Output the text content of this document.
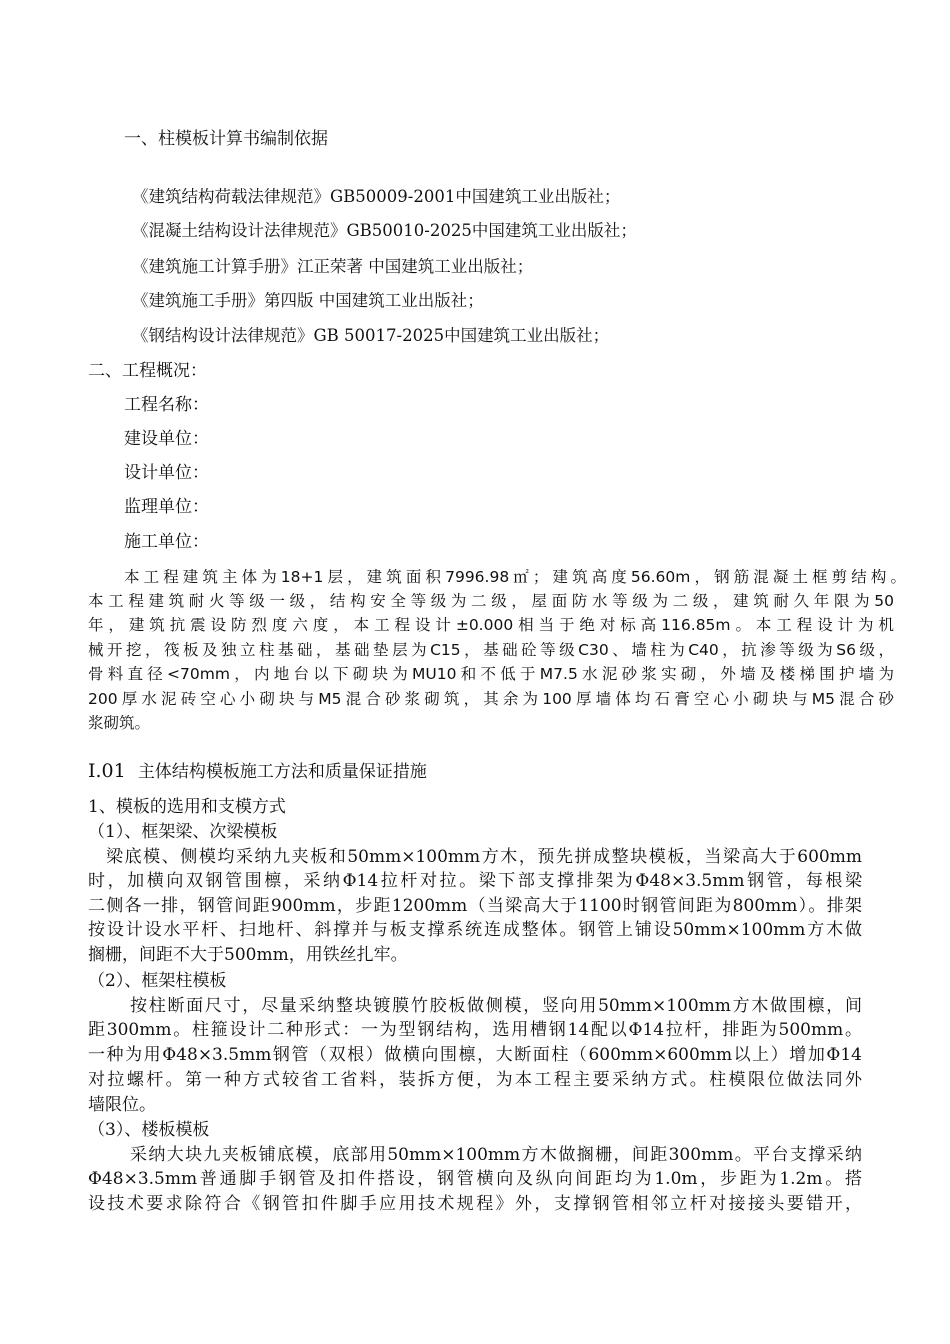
一、柱模板计算书编制依据

《建筑结构荷载法律规范》GB50009-2001中国建筑工业出版社；

《混凝土结构设计法律规范》GB50010-2025中国建筑工业出版社；

《建筑施工计算手册》江正荣著 中国建筑工业出版社；

《建筑施工手册》第四版 中国建筑工业出版社；

《钢结构设计法律规范》GB 50017-2025中国建筑工业出版社；

二、工程概况：

工程名称：

建设单位：

设计单位：

监理单位：

施工单位：

本工程建筑主体为18+1层，建筑面积7996.98㎡；建筑高度56.60m，钢筋混凝土框剪结构。

本工程建筑耐火等级一级，结构安全等级为二级，屋面防水等级为二级，建筑耐久年限为50

年，建筑抗震设防烈度六度，本工程设计±0.000相当于绝对标高116.85m。本工程设计为机

械开挖，筏板及独立柱基础，基础垫层为C15，基础砼等级C30、墙柱为C40，抗渗等级为S6级，

骨料直径<70mm，内地台以下砌块为MU10和不低于M7.5水泥砂浆实砌，外墙及楼梯围护墙为

200厚水泥砖空心小砌块与M5混合砂浆砌筑，其余为100厚墙体均石膏空心小砌块与M5混合砂

浆砌筑。

I.01 主体结构模板施工方法和质量保证措施

1、模板的选用和支模方式

（1）、框架梁、次梁模板

梁底模、侧模均采纳九夹板和50mm×100mm方木，预先拼成整块模板，当梁高大于600mm

时，加横向双钢管围檩，采纳Φ14拉杆对拉。梁下部支撑排架为Φ48×3.5mm钢管，每根梁

二侧各一排，钢管间距900mm，步距1200mm（当梁高大于1100时钢管间距为800mm）。排架

按设计设水平杆、扫地杆、斜撑并与板支撑系统连成整体。钢管上铺设50mm×100mm方木做

搁栅，间距不大于500mm，用铁丝扎牢。

（2）、框架柱模板

按柱断面尺寸，尽量采纳整块镀膜竹胶板做侧模，竖向用50mm×100mm方木做围檩，间

距300mm。柱箍设计二种形式：一为型钢结构，选用槽钢14配以Φ14拉杆，排距为500mm。

一种为用Φ48×3.5mm钢管（双根）做横向围檩，大断面柱（600mm×600mm以上）增加Φ14

对拉螺杆。第一种方式较省工省料，装拆方便，为本工程主要采纳方式。柱模限位做法同外

墙限位。

（3）、楼板模板

采纳大块九夹板铺底模，底部用50mm×100mm方木做搁栅，间距300mm。平台支撑采纳

Φ48×3.5mm普通脚手钢管及扣件搭设，钢管横向及纵向间距均为1.0m，步距为1.2m。搭

设技术要求除符合《钢管扣件脚手应用技术规程》外，支撑钢管相邻立杆对接接头要错开，
